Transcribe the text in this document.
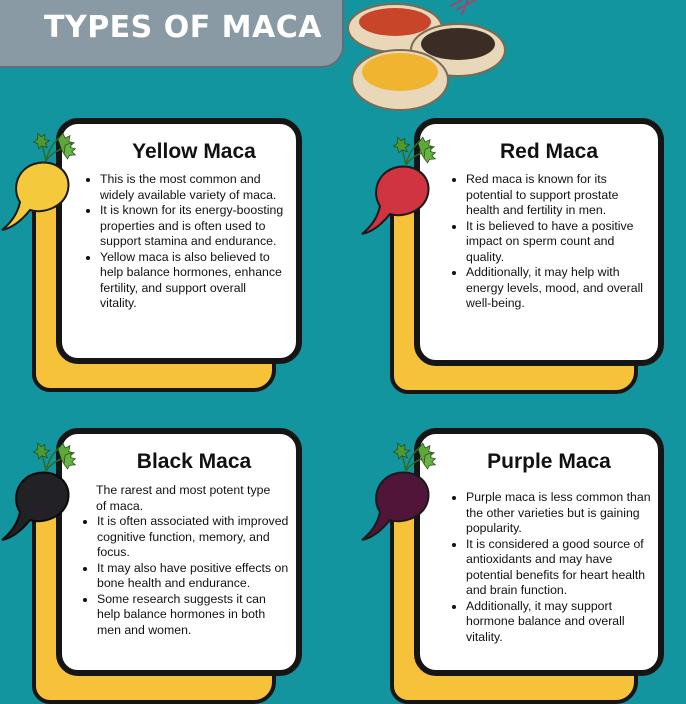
TYPES OF MACA
Yellow Maca
• This is the most common and widely available variety of maca.
• It is known for its energy-boosting properties and is often used to support stamina and endurance.
• Yellow maca is also believed to help balance hormones, enhance fertility, and support overall vitality.
Red Maca
• Red maca is known for its potential to support prostate health and fertility in men.
• It is believed to have a positive impact on sperm count and quality.
• Additionally, it may help with energy levels, mood, and overall well-being.
Black Maca
The rarest and most potent type of maca.
• It is often associated with improved cognitive function, memory, and focus.
• It may also have positive effects on bone health and endurance.
• Some research suggests it can help balance hormones in both men and women.
Purple Maca
• Purple maca is less common than the other varieties but is gaining popularity.
• It is considered a good source of antioxidants and may have potential benefits for heart health and brain function.
• Additionally, it may support hormone balance and overall vitality.
